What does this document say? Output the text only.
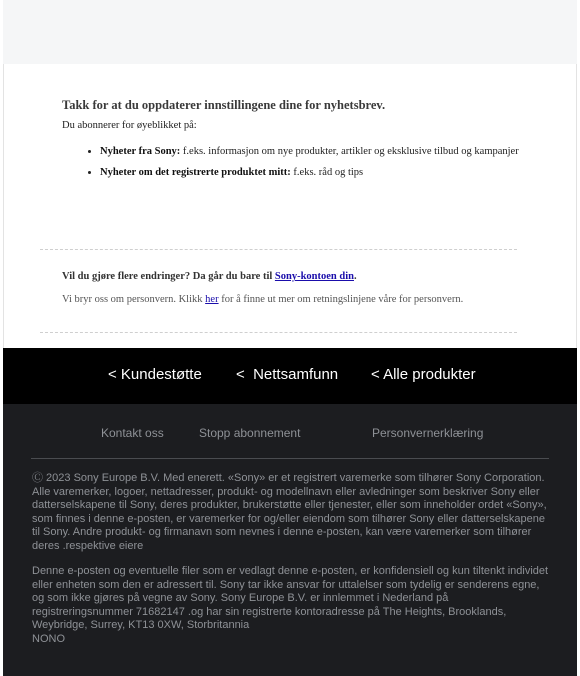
Takk for at du oppdaterer innstillingene dine for nyhetsbrev.
Du abonnerer for øyeblikket på:
• Nyheter fra Sony: f.eks. informasjon om nye produkter, artikler og eksklusive tilbud og kampanjer
• Nyheter om det registrerte produktet mitt: f.eks. råd og tips
Vil du gjøre flere endringer? Da går du bare til Sony-kontoen din.
Vi bryr oss om personvern. Klikk her for å finne ut mer om retningslinjene våre for personvern.
< Kundestøtte <  Nettsamfunn < Alle produkter
Kontakt oss	Stopp abonnement	Personvernerklæring

Ⓒ 2023 Sony Europe B.V. Med enerett. «Sony» er et registrert varemerke som tilhører Sony Corporation. Alle varemerker, logoer, nettadresser, produkt- og modellnavn eller avledninger som beskriver Sony eller datterselskapene til Sony, deres produkter, brukerstøtte eller tjenester, eller som inneholder ordet «Sony», som finnes i denne e-posten, er varemerker for og/eller eiendom som tilhører Sony eller datterselskapene til Sony. Andre produkt- og firmanavn som nevnes i denne e-posten, kan være varemerker som tilhører deres .respektive eiere

Denne e-posten og eventuelle filer som er vedlagt denne e-posten, er konfidensiell og kun tiltenkt individet eller enheten som den er adressert til. Sony tar ikke ansvar for uttalelser som tydelig er senderens egne, og som ikke gjøres på vegne av Sony. Sony Europe B.V. er innlemmet i Nederland på registreringsnummer 71682147 .og har sin registrerte kontoradresse på The Heights, Brooklands, Weybridge, Surrey, KT13 0XW, Storbritannia

NONO
